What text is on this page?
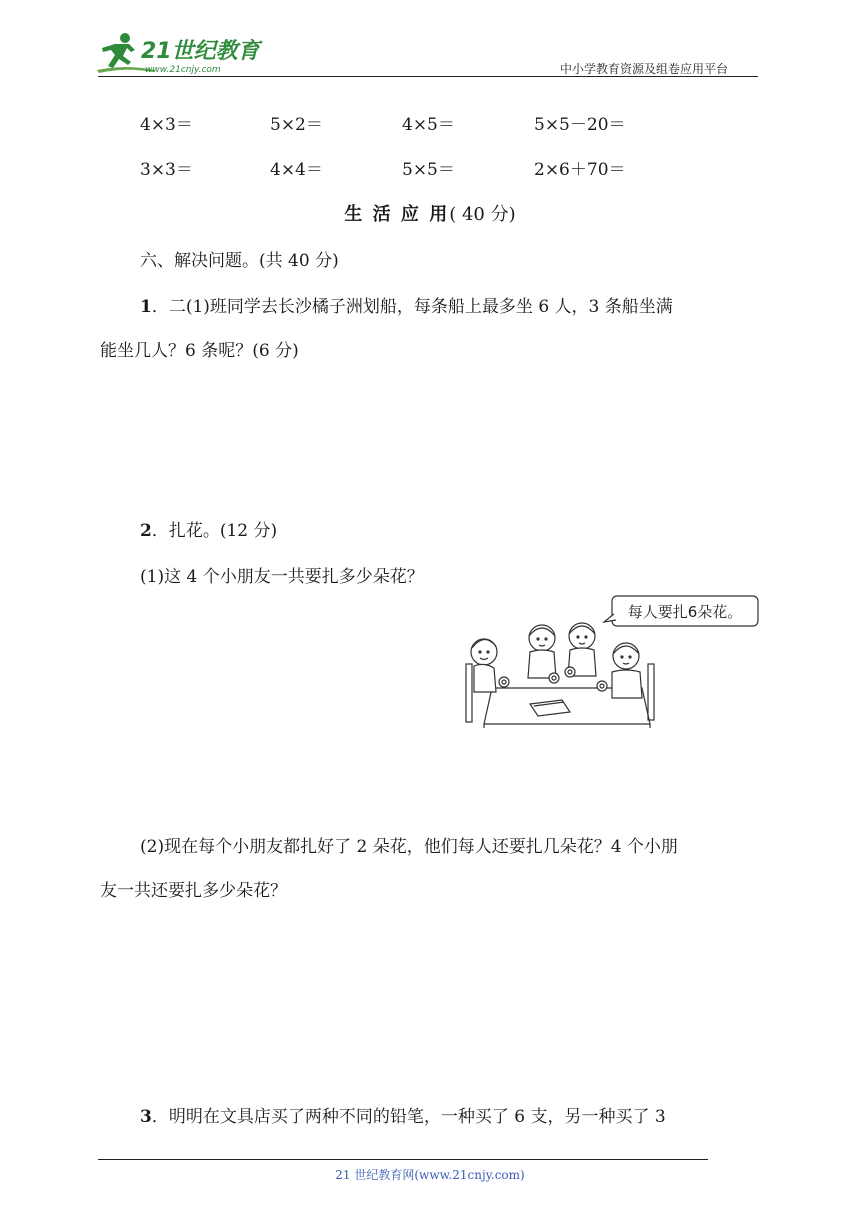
21世纪教育
www.21cnjy.com	中小学教育资源及组卷应用平台
4×3＝	5×2＝	4×5＝	5×5－20＝
3×3＝	4×4＝	5×5＝	2×6＋70＝
生 活 应 用( 40 分)
六、解决问题。(共 40 分)
1．二(1)班同学去长沙橘子洲划船，每条船上最多坐 6 人，3 条船坐满
能坐几人？6 条呢？(6 分)
2．扎花。(12 分)
(1)这 4 个小朋友一共要扎多少朵花？
每人要扎6朵花。
(2)现在每个小朋友都扎好了 2 朵花，他们每人还要扎几朵花？4 个小朋
友一共还要扎多少朵花？
3．明明在文具店买了两种不同的铅笔，一种买了 6 支，另一种买了 3
21 世纪教育网(www.21cnjy.com)
